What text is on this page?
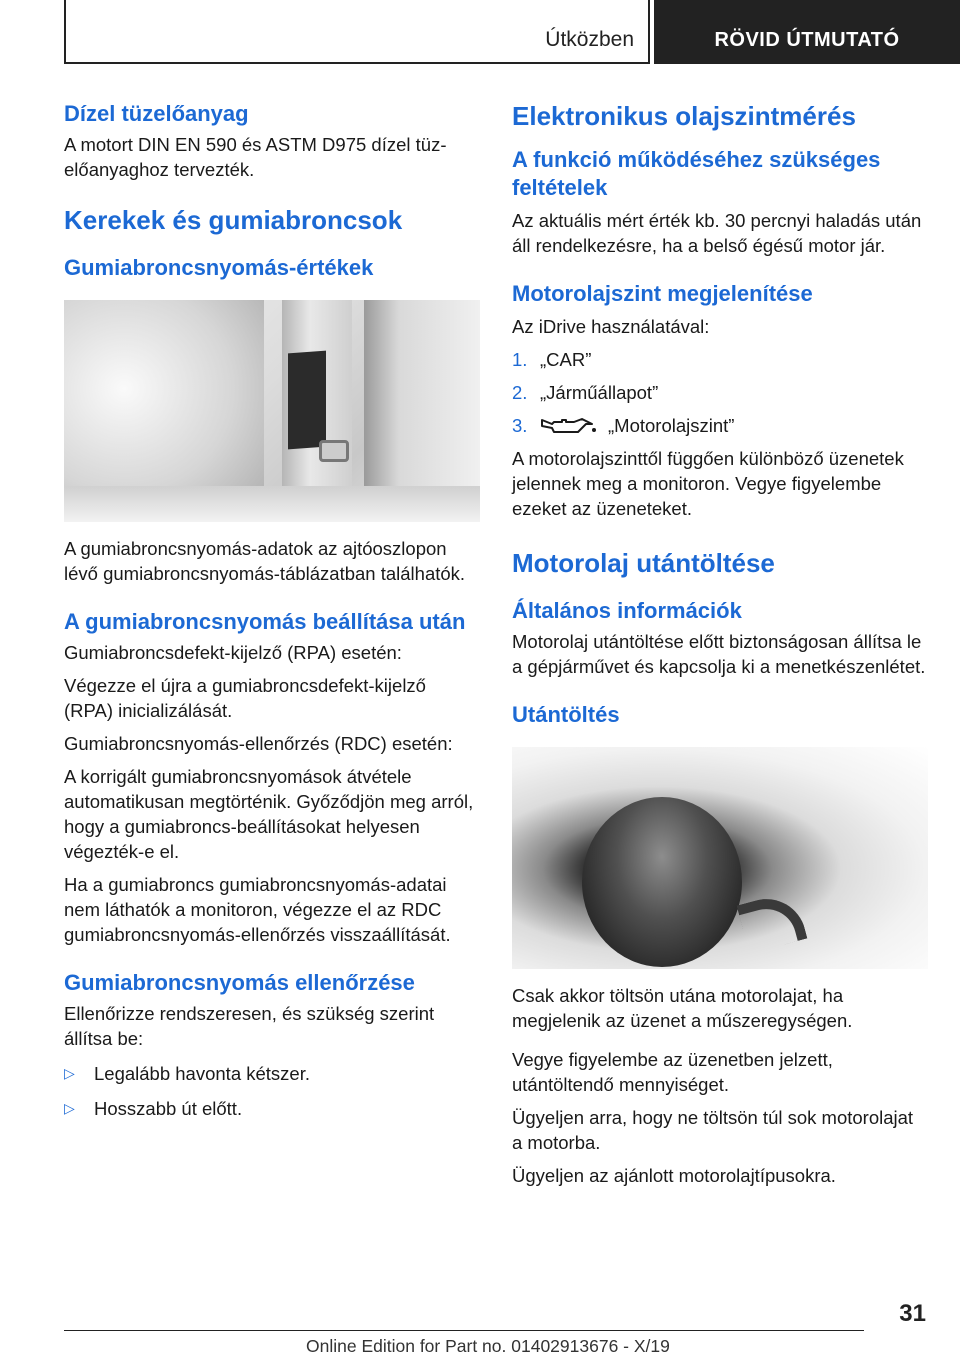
Útközben	RÖVID ÚTMUTATÓ
Dízel tüzelőanyag

A motort DIN EN 590 és ASTM D975 dízel tüz-
előanyaghoz tervezték.

Kerekek és gumiabroncsok
Gumiabroncsnyomás-értékek

A gumiabroncsnyomás-adatok az ajtóoszlopon lévő gumiabroncsnyomás-táblázatban találhatók.

A gumiabroncsnyomás beállítása után

Gumiabroncsdefekt-kijelző (RPA) esetén:

Végezze el újra a gumiabroncsdefekt-kijelző (RPA) inicializálását.

Gumiabroncsnyomás-ellenőrzés (RDC) esetén:

A korrigált gumiabroncsnyomások átvétele automatikusan megtörténik. Győződjön meg arról, hogy a gumiabroncs-beállításokat helyesen végezték-e el.

Ha a gumiabroncs gumiabroncsnyomás-adatai nem láthatók a monitoron, végezze el az RDC gumiabroncsnyomás-ellenőrzés visszaállítását.

Gumiabroncsnyomás ellenőrzése

Ellenőrizze rendszeresen, és szükség szerint állítsa be:

▷	Legalább havonta kétszer.
▷	Hosszabb út előtt.
Elektronikus olajszintmérés
A funkció működéséhez szükséges feltételek

Az aktuális mért érték kb. 30 percnyi haladás után áll rendelkezésre, ha a belső égésű motor jár.

Motorolajszint megjelenítése

Az iDrive használatával:

1. „CAR”
2. „Járműállapot”
3.	„Motorolajszint”

A motorolajszinttől függően különböző üzenetek jelennek meg a monitoron. Vegye figyelembe ezeket az üzeneteket.

Motorolaj utántöltése
Általános információk

Motorolaj utántöltése előtt biztonságosan állítsa le a gépjárművet és kapcsolja ki a menetkészenlétet.

Utántöltés

Csak akkor töltsön utána motorolajat, ha megjelenik az üzenet a műszeregységen.

Vegye figyelembe az üzenetben jelzett, utántöltendő mennyiséget.

Ügyeljen arra, hogy ne töltsön túl sok motorolajat a motorba.

Ügyeljen az ajánlott motorolajtípusokra.

31
Online Edition for Part no. 01402913676 - X/19
